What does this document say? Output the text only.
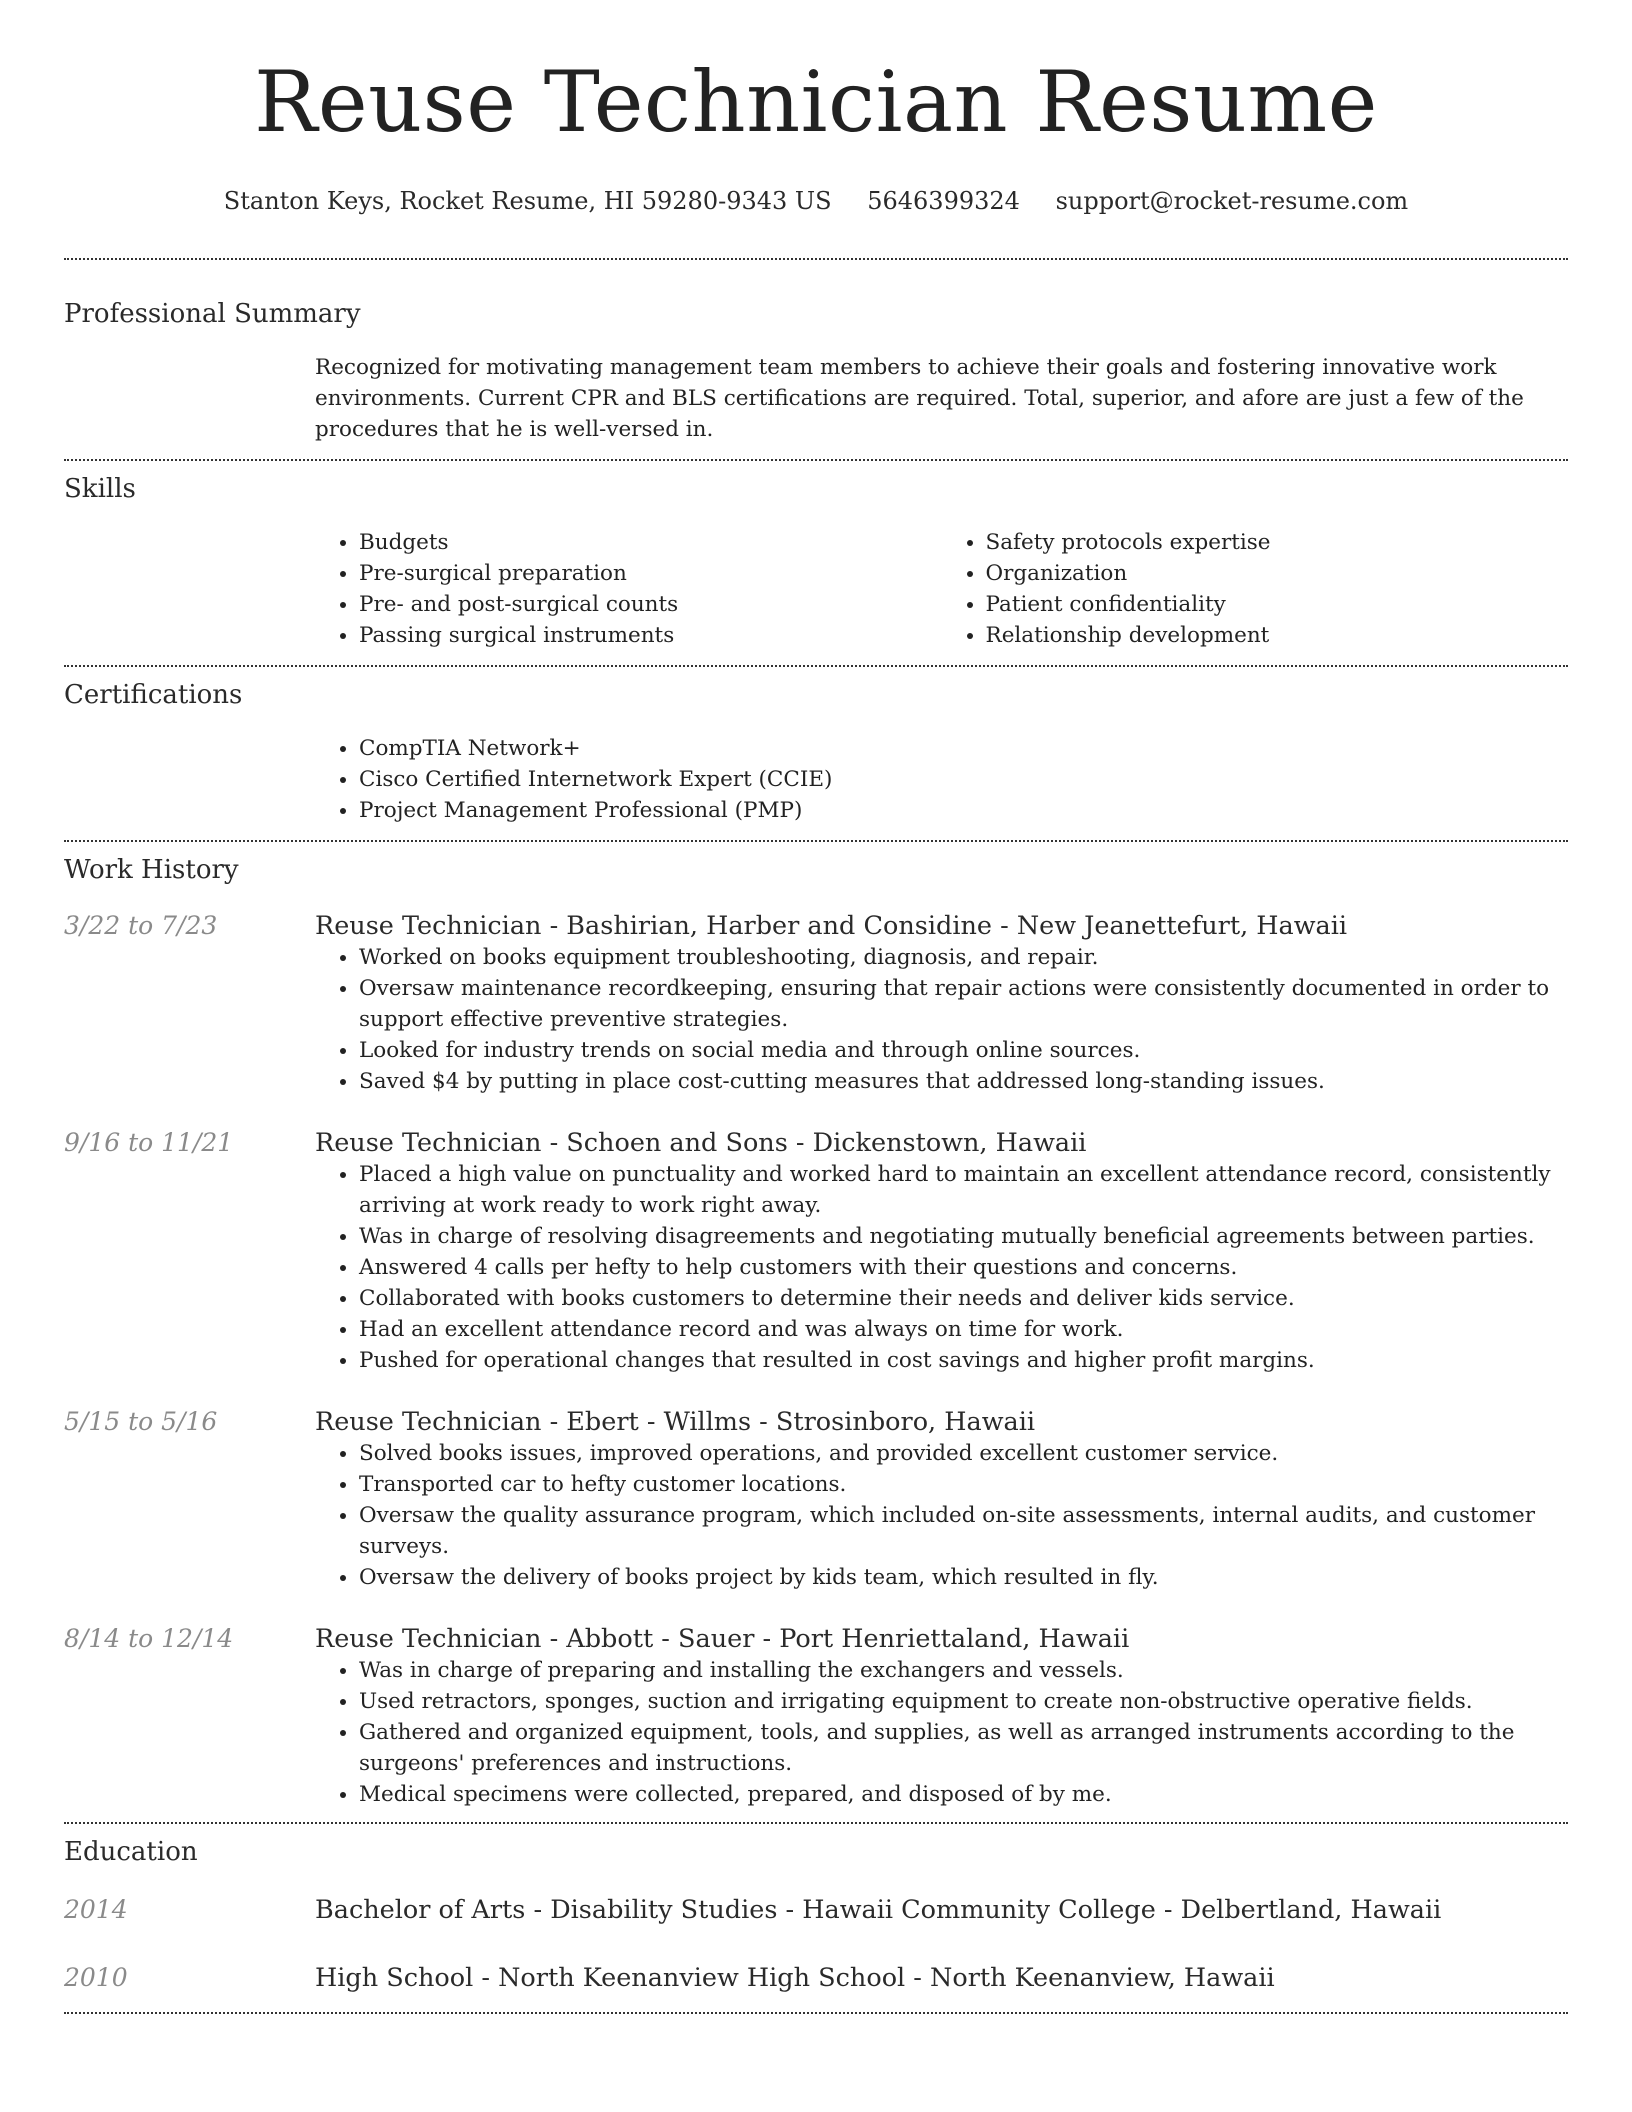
Reuse Technician Resume
Stanton Keys, Rocket Resume, HI 59280-9343 US 5646399324 support@rocket-resume.com
Professional Summary

Recognized for motivating management team members to achieve their goals and fostering innovative work environments. Current CPR and BLS certifications are required. Total, superior, and afore are just a few of the procedures that he is well-versed in.

Skills
• Budgets
• Pre-surgical preparation
• Pre- and post-surgical counts
• Passing surgical instruments
• Safety protocols expertise
• Organization
• Patient confidentiality
• Relationship development
Certifications
• CompTIA Network+
• Cisco Certified Internetwork Expert (CCIE)
• Project Management Professional (PMP)
Work History
3/22 to 7/23	Reuse Technician - Bashirian, Harber and Considine - New Jeanettefurt, Hawaii
• Worked on books equipment troubleshooting, diagnosis, and repair.
• Oversaw maintenance recordkeeping, ensuring that repair actions were consistently documented in order to support effective preventive strategies.
• Looked for industry trends on social media and through online sources.
• Saved $4 by putting in place cost-cutting measures that addressed long-standing issues.
9/16 to 11/21	Reuse Technician - Schoen and Sons - Dickenstown, Hawaii
• Placed a high value on punctuality and worked hard to maintain an excellent attendance record, consistently arriving at work ready to work right away.
• Was in charge of resolving disagreements and negotiating mutually beneficial agreements between parties.
• Answered 4 calls per hefty to help customers with their questions and concerns.
• Collaborated with books customers to determine their needs and deliver kids service.
• Had an excellent attendance record and was always on time for work.
• Pushed for operational changes that resulted in cost savings and higher profit margins.
5/15 to 5/16	Reuse Technician - Ebert - Willms - Strosinboro, Hawaii
• Solved books issues, improved operations, and provided excellent customer service.
• Transported car to hefty customer locations.
• Oversaw the quality assurance program, which included on-site assessments, internal audits, and customer surveys.
• Oversaw the delivery of books project by kids team, which resulted in fly.
8/14 to 12/14	Reuse Technician - Abbott - Sauer - Port Henriettaland, Hawaii
• Was in charge of preparing and installing the exchangers and vessels.
• Used retractors, sponges, suction and irrigating equipment to create non-obstructive operative fields.
• Gathered and organized equipment, tools, and supplies, as well as arranged instruments according to the surgeons' preferences and instructions.
• Medical specimens were collected, prepared, and disposed of by me.
Education
2014	Bachelor of Arts - Disability Studies - Hawaii Community College - Delbertland, Hawaii
2010	High School - North Keenanview High School - North Keenanview, Hawaii
